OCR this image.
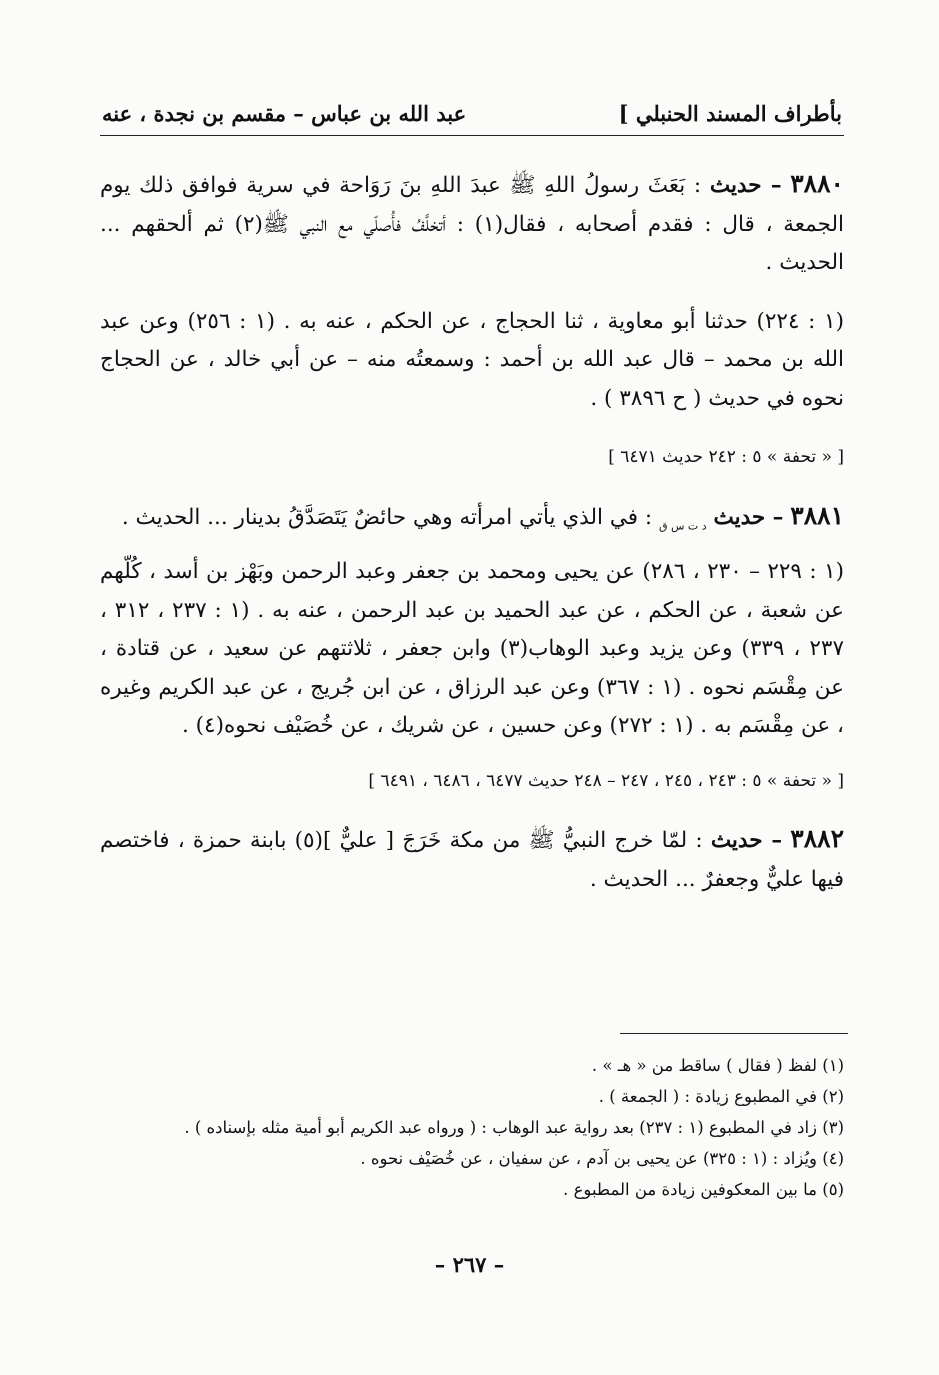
بأطراف المسند الحنبلي ]
عبد الله بن عباس – مقسم بن نجدة ، عنه

٣٨٨٠ – حديث : بَعَثَ رسولُ اللهِ ﷺ عبدَ اللهِ بنَ رَوَاحة في سرية فوافق ذلك يوم الجمعة ، قال : فقدم أصحابه ، فقال(١) : أتخلَّفُ فأُصلّي مع النبي ﷺ(٢) ثم ألحقهم ... الحديث .

(١ : ٢٢٤) حدثنا أبو معاوية ، ثنا الحجاج ، عن الحكم ، عنه به . (١ : ٢٥٦) وعن عبد الله بن محمد – قال عبد الله بن أحمد : وسمعتُه منه – عن أبي خالد ، عن الحجاج نحوه في حديث ( ح ٣٨٩٦ ) .

[ « تحفة » ٥ : ٢٤٢ حديث ٦٤٧١ ]

٣٨٨١ – حديث $_{د ت س ق}$ : في الذي يأتي امرأته وهي حائضٌ يَتَصَدَّقُ بدينار ... الحديث .

(١ : ٢٢٩ – ٢٣٠ ، ٢٨٦) عن يحيى ومحمد بن جعفر وعبد الرحمن وبَهْز بن أسد ، كُلّهم عن شعبة ، عن الحكم ، عن عبد الحميد بن عبد الرحمن ، عنه به . (١ : ٢٣٧ ، ٣١٢ ، ٢٣٧ ، ٣٣٩) وعن يزيد وعبد الوهاب(٣) وابن جعفر ، ثلاثتهم عن سعيد ، عن قتادة ، عن مِقْسَم نحوه . (١ : ٣٦٧) وعن عبد الرزاق ، عن ابن جُريج ، عن عبد الكريم وغيره ، عن مِقْسَم به . (١ : ٢٧٢) وعن حسين ، عن شريك ، عن خُصَيْف نحوه(٤) .

[ « تحفة » ٥ : ٢٤٣ ، ٢٤٥ ، ٢٤٧ – ٢٤٨ حديث ٦٤٧٧ ، ٦٤٨٦ ، ٦٤٩١ ]

٣٨٨٢ – حديث : لمّا خرج النبيُّ ﷺ من مكة خَرَجَ [ عليٌّ ](٥) بابنة حمزة ، فاختصم فيها عليٌّ وجعفرٌ ... الحديث .

(١) لفظ ( فقال ) ساقط من « هـ » .
(٢) في المطبوع زيادة : ( الجمعة ) .
(٣) زاد في المطبوع (١ : ٢٣٧) بعد رواية عبد الوهاب : ( ورواه عبد الكريم أبو أمية مثله بإسناده ) .
(٤) ويُزاد : (١ : ٣٢٥) عن يحيى بن آدم ، عن سفيان ، عن خُصَيْف نحوه .
(٥) ما بين المعكوفين زيادة من المطبوع .
– ٢٦٧ –
